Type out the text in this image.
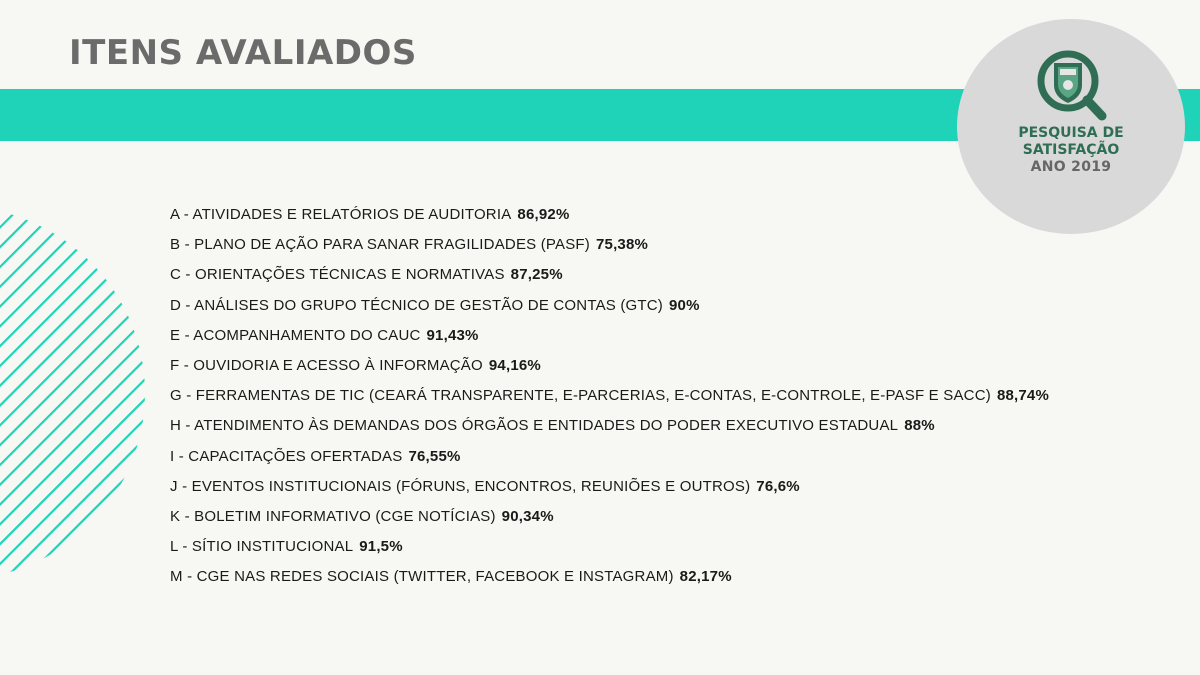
ITENS AVALIADOS
PESQUISA DE
SATISFAÇÃO
ANO 2019
A - ATIVIDADES E RELATÓRIOS DE AUDITORIA 86,92%
B - PLANO DE AÇÃO PARA SANAR FRAGILIDADES (PASF) 75,38%
C - ORIENTAÇÕES TÉCNICAS E NORMATIVAS 87,25%
D - ANÁLISES DO GRUPO TÉCNICO DE GESTÃO DE CONTAS (GTC) 90%
E - ACOMPANHAMENTO DO CAUC 91,43%
F - OUVIDORIA E ACESSO À INFORMAÇÃO 94,16%
G - FERRAMENTAS DE TIC (CEARÁ TRANSPARENTE, E-PARCERIAS, E-CONTAS, E-CONTROLE, E-PASF E SACC) 88,74%
H - ATENDIMENTO ÀS DEMANDAS DOS ÓRGÃOS E ENTIDADES DO PODER EXECUTIVO ESTADUAL 88%
I - CAPACITAÇÕES OFERTADAS 76,55%
J - EVENTOS INSTITUCIONAIS (FÓRUNS, ENCONTROS, REUNIÕES E OUTROS) 76,6%
K - BOLETIM INFORMATIVO (CGE NOTÍCIAS) 90,34%
L - SÍTIO INSTITUCIONAL 91,5%
M - CGE NAS REDES SOCIAIS (TWITTER, FACEBOOK E INSTAGRAM) 82,17%
